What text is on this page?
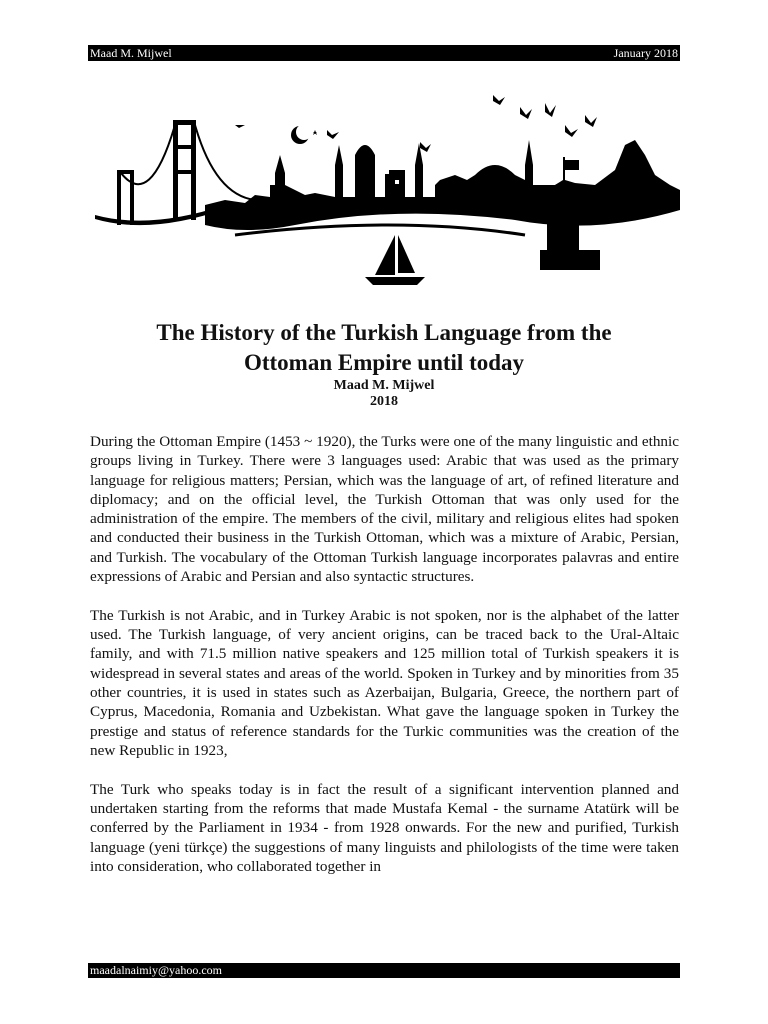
Maad M. Mijwel	January 2018
The History of the Turkish Language from the
Ottoman Empire until today
Maad M. Mijwel
2018

During the Ottoman Empire (1453 ~ 1920), the Turks were one of the many linguistic and ethnic groups living in Turkey. There were 3 languages used: Arabic that was used as the primary language for religious matters; Persian, which was the language of art, of refined literature and diplomacy; and on the official level, the Turkish Ottoman that was only used for the administration of the empire. The members of the civil, military and religious elites had spoken and conducted their business in the Turkish Ottoman, which was a mixture of Arabic, Persian, and Turkish. The vocabulary of the Ottoman Turkish language incorporates palavras and entire expressions of Arabic and Persian and also syntactic structures.

The Turkish is not Arabic, and in Turkey Arabic is not spoken, nor is the alphabet of the latter used. The Turkish language, of very ancient origins, can be traced back to the Ural-Altaic family, and with 71.5 million native speakers and 125 million total of Turkish speakers it is widespread in several states and areas of the world. Spoken in Turkey and by minorities from 35 other countries, it is used in states such as Azerbaijan, Bulgaria, Greece, the northern part of Cyprus, Macedonia, Romania and Uzbekistan. What gave the language spoken in Turkey the prestige and status of reference standards for the Turkic communities was the creation of the new Republic in 1923,

The Turk who speaks today is in fact the result of a significant intervention planned and undertaken starting from the reforms that made Mustafa Kemal - the surname Atatürk will be conferred by the Parliament in 1934 - from 1928 onwards. For the new and purified, Turkish language (yeni türkçe) the suggestions of many linguists and philologists of the time were taken into consideration, who collaborated together in

maadalnaimiy@yahoo.com
